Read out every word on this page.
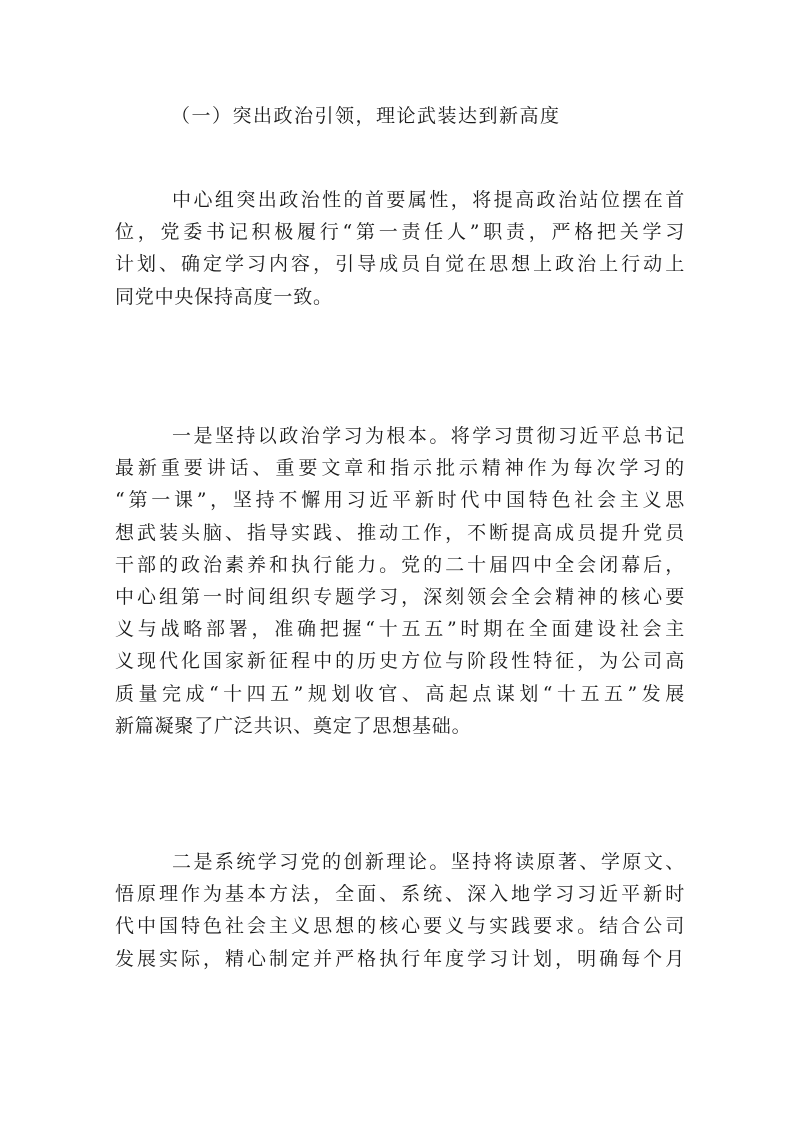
（一）突出政治引领，理论武装达到新高度
中心组突出政治性的首要属性，将提高政治站位摆在首
位，党委书记积极履行“第一责任人”职责，严格把关学习
计划、确定学习内容，引导成员自觉在思想上政治上行动上
同党中央保持高度一致。
一是坚持以政治学习为根本。将学习贯彻习近平总书记
最新重要讲话、重要文章和指示批示精神作为每次学习的
“第一课”，坚持不懈用习近平新时代中国特色社会主义思
想武装头脑、指导实践、推动工作，不断提高成员提升党员
干部的政治素养和执行能力。党的二十届四中全会闭幕后，
中心组第一时间组织专题学习，深刻领会全会精神的核心要
义与战略部署，准确把握“十五五”时期在全面建设社会主
义现代化国家新征程中的历史方位与阶段性特征，为公司高
质量完成“十四五”规划收官、高起点谋划“十五五”发展
新篇凝聚了广泛共识、奠定了思想基础。
二是系统学习党的创新理论。坚持将读原著、学原文、
悟原理作为基本方法，全面、系统、深入地学习习近平新时
代中国特色社会主义思想的核心要义与实践要求。结合公司
发展实际，精心制定并严格执行年度学习计划，明确每个月
